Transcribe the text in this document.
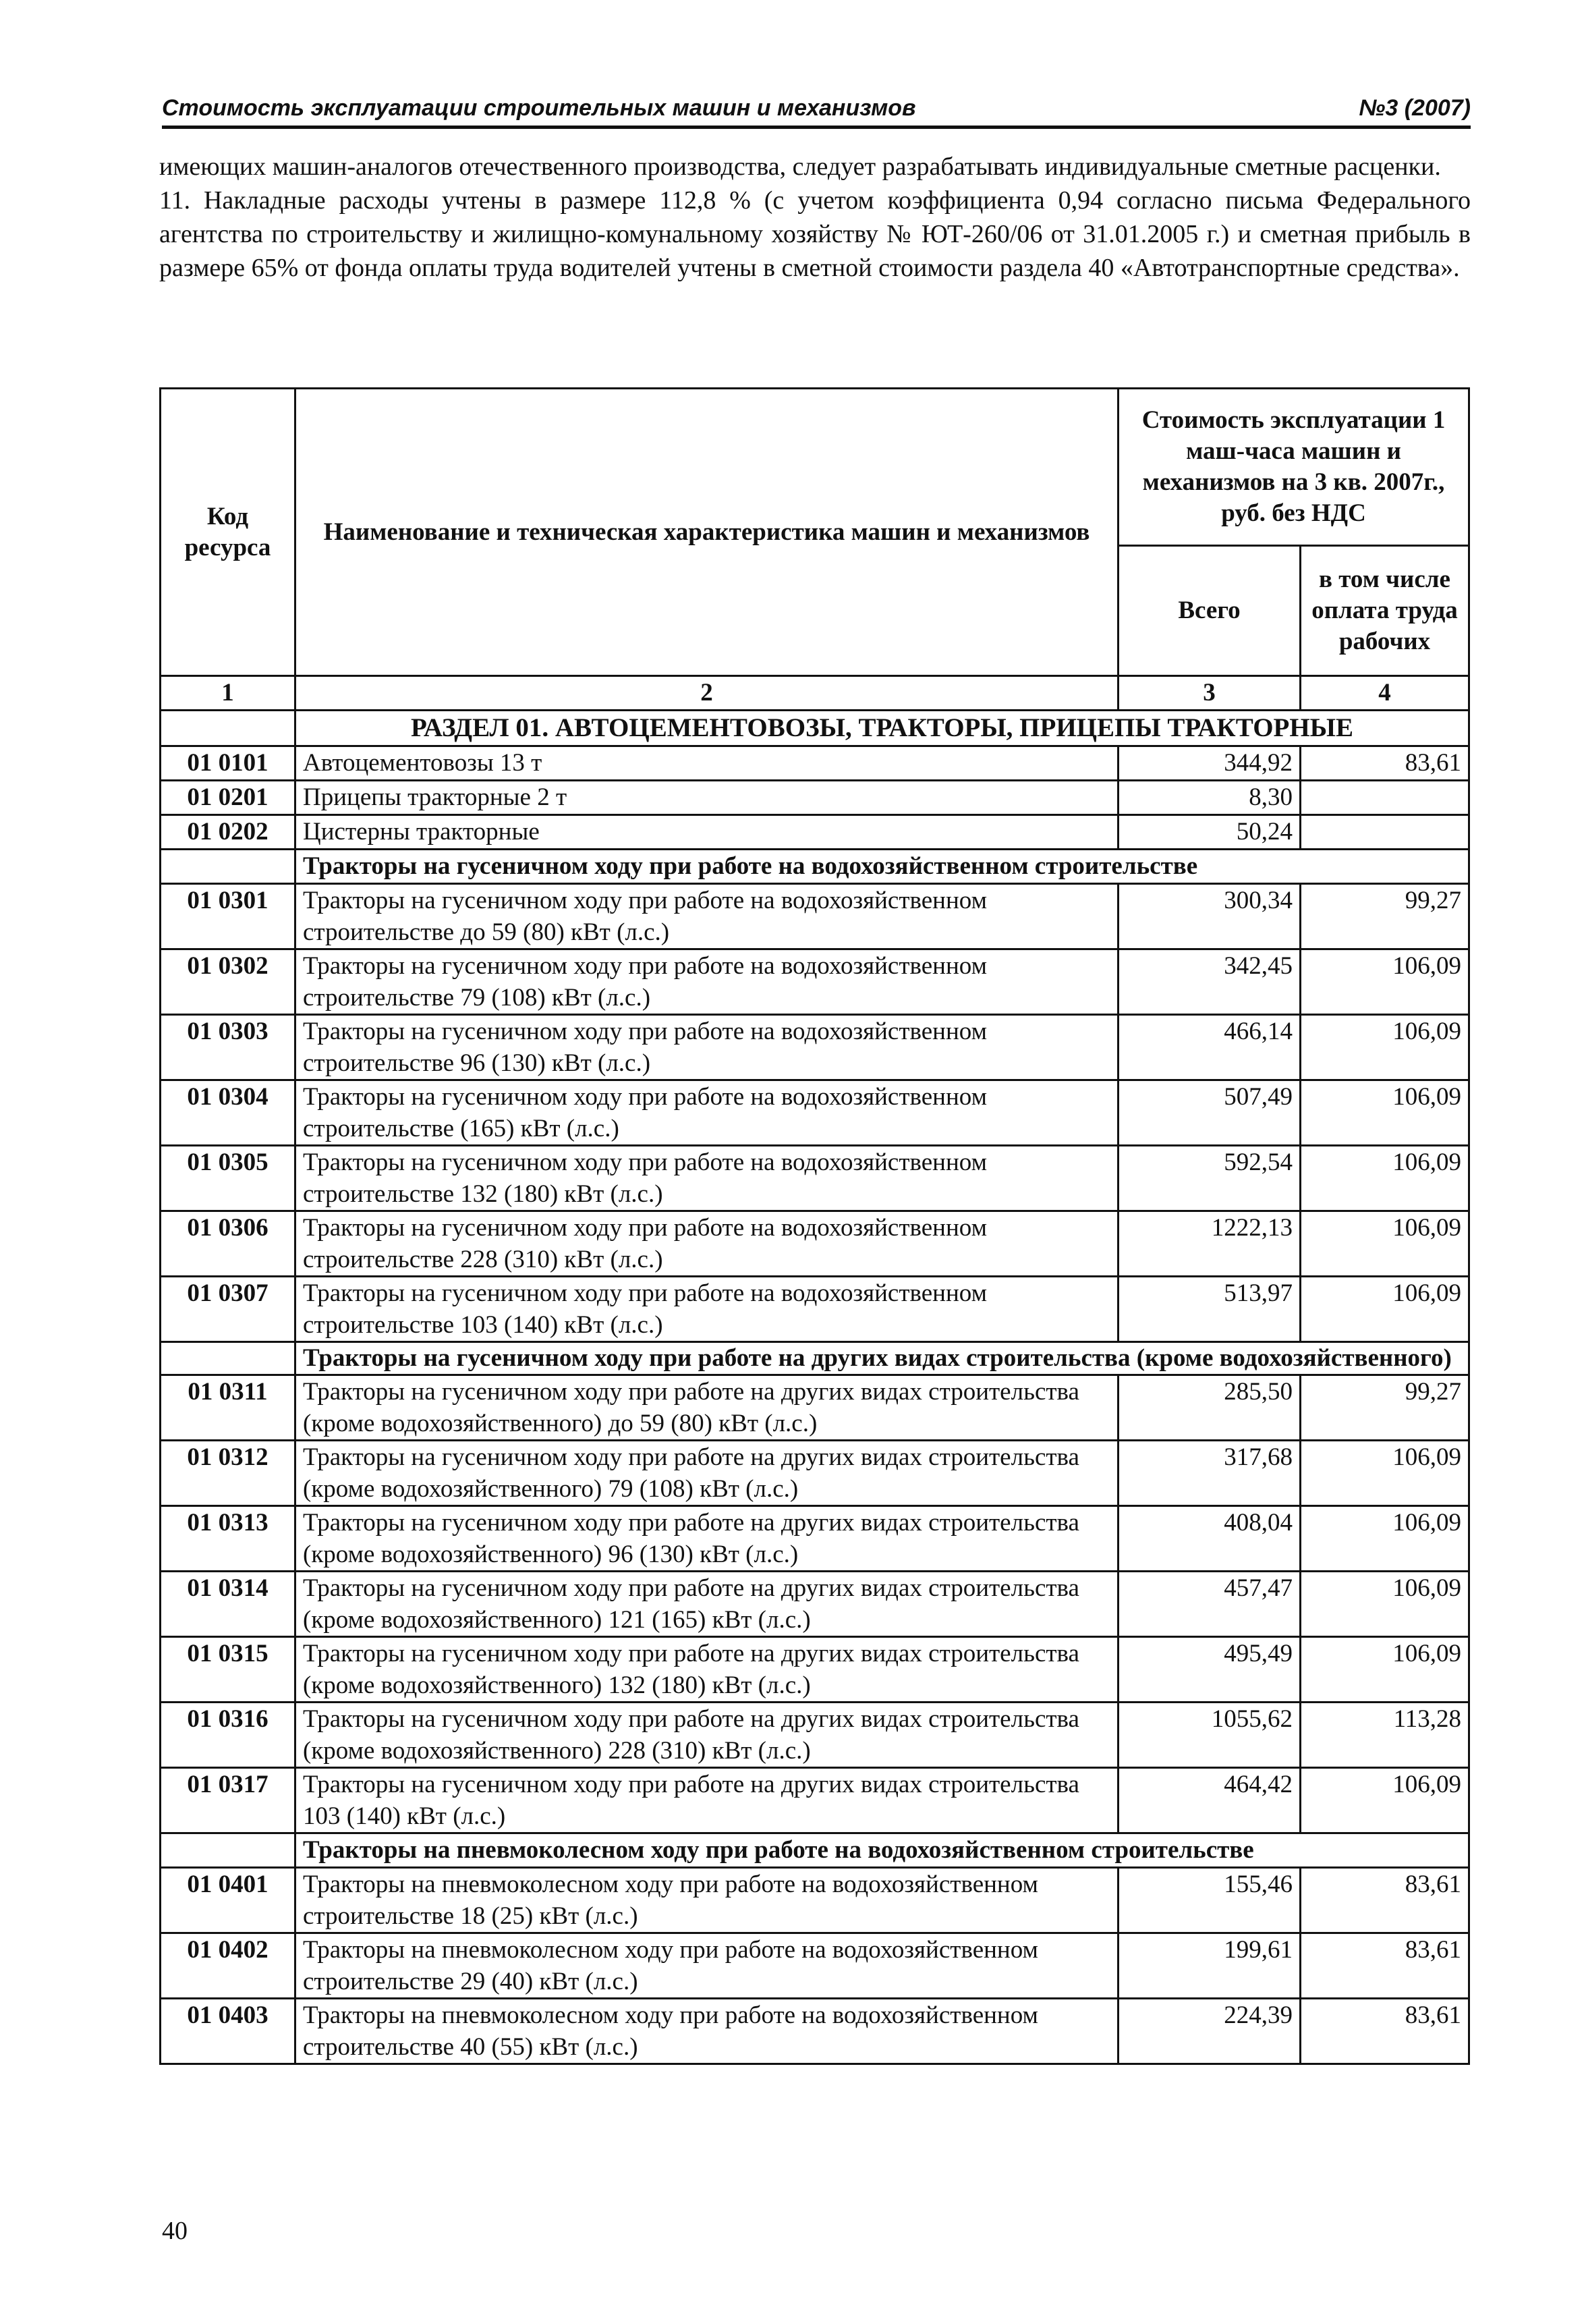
Стоимость эксплуатации строительных машин и механизмов	№3 (2007)

имеющих машин-аналогов отечественного производства, следует разрабатывать индивидуальные сметные расценки.

11. Накладные расходы учтены в размере 112,8 % (с учетом коэффициента 0,94 согласно письма Федерального агентства по строительству и жилищно-комунальному хозяйству № ЮТ-260/06 от 31.01.2005 г.) и сметная прибыль в размере 65% от фонда оплаты труда водителей учтены в сметной стоимости раздела 40 «Автотранспортные средства».

Код ресурса	Наименование и техническая характеристика машин и механизмов	Стоимость эксплуатации 1 маш-часа машин и механизмов на 3 кв. 2007г., руб. без НДС	
		Всего	в том числе оплата труда рабочих
1	2	3	4
	РАЗДЕЛ 01. АВТОЦЕМЕНТОВОЗЫ, ТРАКТОРЫ, ПРИЦЕПЫ ТРАКТОРНЫЕ		
01 0101	Автоцементовозы 13 т	344,92	83,61
01 0201	Прицепы тракторные 2 т	8,30	
01 0202	Цистерны тракторные	50,24	
	Тракторы на гусеничном ходу при работе на водохозяйственном строительстве		
01 0301	Тракторы на гусеничном ходу при работе на водохозяйственном строительстве до 59 (80) кВт (л.с.)	300,34	99,27
01 0302	Тракторы на гусеничном ходу при работе на водохозяйственном строительстве 79 (108) кВт (л.с.)	342,45	106,09
01 0303	Тракторы на гусеничном ходу при работе на водохозяйственном строительстве 96 (130) кВт (л.с.)	466,14	106,09
01 0304	Тракторы на гусеничном ходу при работе на водохозяйственном строительстве (165) кВт (л.с.)	507,49	106,09
01 0305	Тракторы на гусеничном ходу при работе на водохозяйственном строительстве 132 (180) кВт (л.с.)	592,54	106,09
01 0306	Тракторы на гусеничном ходу при работе на водохозяйственном строительстве 228 (310) кВт (л.с.)	1222,13	106,09
01 0307	Тракторы на гусеничном ходу при работе на водохозяйственном строительстве 103 (140) кВт (л.с.)	513,97	106,09
	Тракторы на гусеничном ходу при работе на других видах строительства (кроме водохозяйственного)		
01 0311	Тракторы на гусеничном ходу при работе на других видах строительства (кроме водохозяйственного) до 59 (80) кВт (л.с.)	285,50	99,27
01 0312	Тракторы на гусеничном ходу при работе на других видах строительства (кроме водохозяйственного) 79 (108) кВт (л.с.)	317,68	106,09
01 0313	Тракторы на гусеничном ходу при работе на других видах строительства (кроме водохозяйственного) 96 (130) кВт (л.с.)	408,04	106,09
01 0314	Тракторы на гусеничном ходу при работе на других видах строительства (кроме водохозяйственного) 121 (165) кВт (л.с.)	457,47	106,09
01 0315	Тракторы на гусеничном ходу при работе на других видах строительства (кроме водохозяйственного) 132 (180) кВт (л.с.)	495,49	106,09
01 0316	Тракторы на гусеничном ходу при работе на других видах строительства (кроме водохозяйственного) 228 (310) кВт (л.с.)	1055,62	113,28
01 0317	Тракторы на гусеничном ходу при работе на других видах строительства 103 (140) кВт (л.с.)	464,42	106,09
	Тракторы на пневмоколесном ходу при работе на водохозяйственном строительстве		
01 0401	Тракторы на пневмоколесном ходу при работе на водохозяйственном строительстве 18 (25) кВт (л.с.)	155,46	83,61
01 0402	Тракторы на пневмоколесном ходу при работе на водохозяйственном строительстве 29 (40) кВт (л.с.)	199,61	83,61
01 0403	Тракторы на пневмоколесном ходу при работе на водохозяйственном строительстве 40 (55) кВт (л.с.)	224,39	83,61
40
